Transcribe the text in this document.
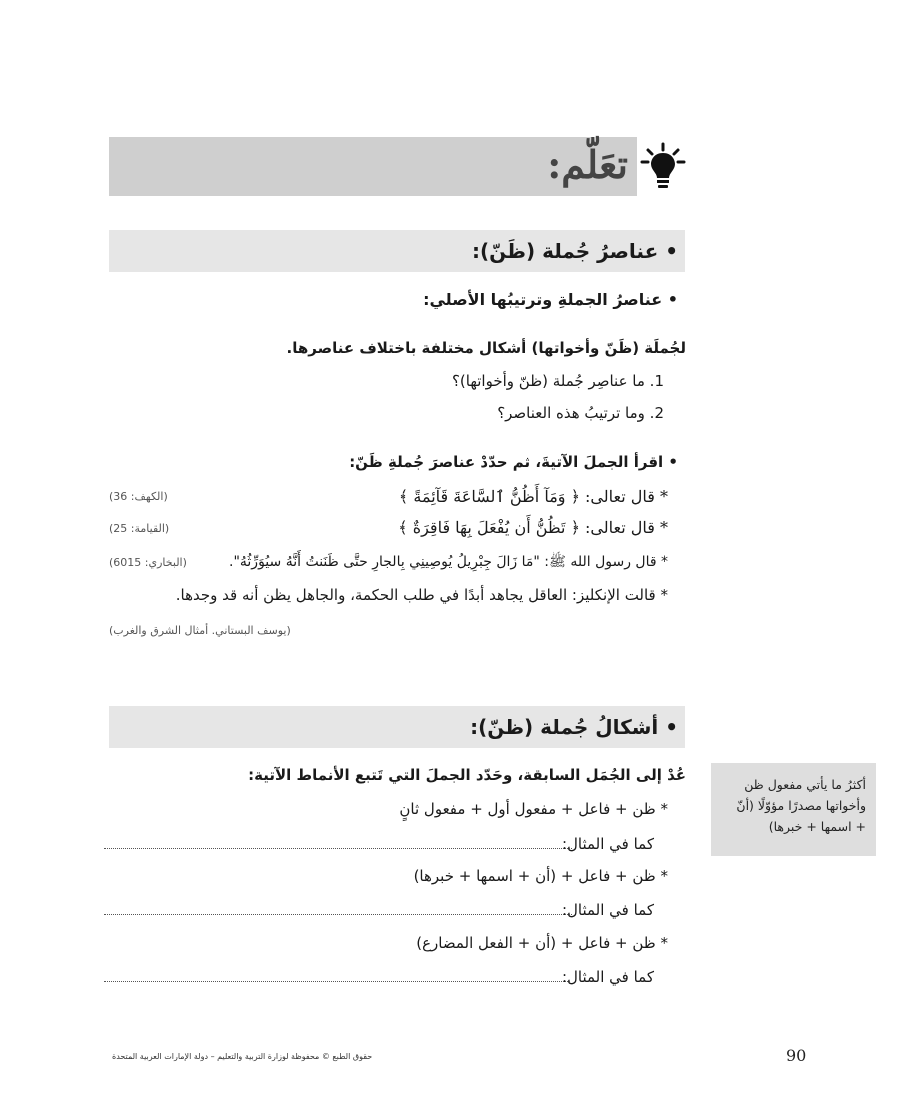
تعَلّم:
• عناصرُ جُملة (ظَنّ):
• عناصرُ الجملةِ وترتيبُها الأصلي:
لجُملَة (ظَنّ وأخواتها) أشكال مختلفة باختلاف عناصرها.
1. ما عناصِر جُملة (ظنّ وأخواتها)؟
2. وما ترتيبُ هذه العناصر؟
• اقرأ الجملَ الآتيةَ، ثم حدّدْ عناصرَ جُملةِ ظَنّ:
* قال تعالى: ﴿ وَمَآ أَظُنُّ ٱلسَّاعَةَ قَآئِمَةً ﴾
(الكهف: 36)
* قال تعالى: ﴿ تَظُنُّ أَن يُفْعَلَ بِهَا فَاقِرَةٌ ﴾
(القيامة: 25)
* قال رسول الله ﷺ: "مَا زَالَ جِبْرِيلُ يُوصِينِي بِالجارِ حتَّى ظَنَنتُ أَنَّهُ سيُوَرِّثُهُ".
(البخاري: 6015)
* قالت الإنكليز: العاقل يجاهد أبدًا في طلب الحكمة، والجاهل يظن أنه قد وجدها.
(يوسف البستاني. أمثال الشرق والغرب)
• أشكالُ جُملة (ظنّ):
عُدْ إلى الجُمَل السابقة، وحَدّد الجملَ التي تَتبع الأنماط الآتية:
* ظن + فاعل + مفعول أول + مفعول ثانٍ
كما في المثال:
* ظن + فاعل + (أن + اسمها + خبرها)
كما في المثال:
* ظن + فاعل + (أن + الفعل المضارع)
كما في المثال:
أكثرُ ما يأتي مفعول ظن
وأخواتها مصدرًا مؤوّلًا (أنّ
+ اسمها + خبرها)
حقوق الطبع © محفوظة لوزارة التربية والتعليم – دولة الإمارات العربية المتحدة	90
